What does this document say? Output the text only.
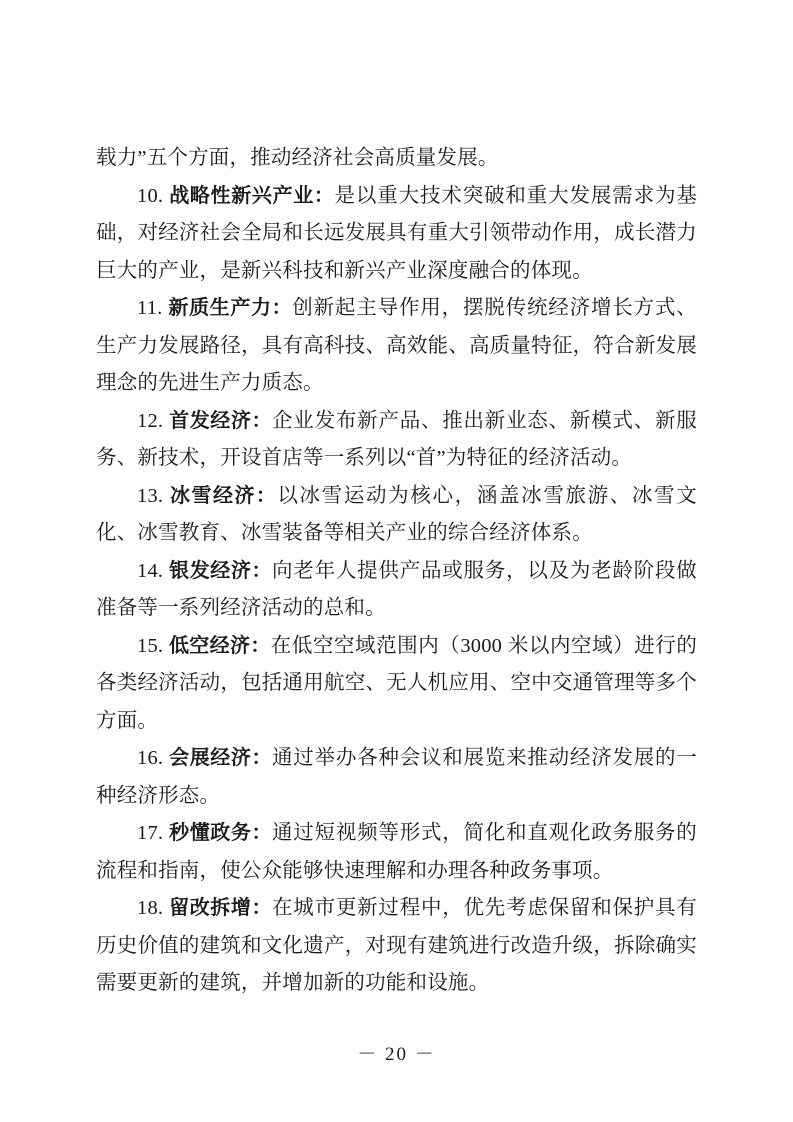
载力”五个方面，推动经济社会高质量发展。

10. 战略性新兴产业：是以重大技术突破和重大发展需求为基础，对经济社会全局和长远发展具有重大引领带动作用，成长潜力巨大的产业，是新兴科技和新兴产业深度融合的体现。

11. 新质生产力：创新起主导作用，摆脱传统经济增长方式、生产力发展路径，具有高科技、高效能、高质量特征，符合新发展理念的先进生产力质态。

12. 首发经济：企业发布新产品、推出新业态、新模式、新服务、新技术，开设首店等一系列以“首”为特征的经济活动。

13. 冰雪经济：以冰雪运动为核心，涵盖冰雪旅游、冰雪文化、冰雪教育、冰雪装备等相关产业的综合经济体系。

14. 银发经济：向老年人提供产品或服务，以及为老龄阶段做准备等一系列经济活动的总和。

15. 低空经济：在低空空域范围内（3000 米以内空域）进行的各类经济活动，包括通用航空、无人机应用、空中交通管理等多个方面。

16. 会展经济：通过举办各种会议和展览来推动经济发展的一种经济形态。

17. 秒懂政务：通过短视频等形式，简化和直观化政务服务的流程和指南，使公众能够快速理解和办理各种政务事项。

18. 留改拆增：在城市更新过程中，优先考虑保留和保护具有历史价值的建筑和文化遗产，对现有建筑进行改造升级，拆除确实需要更新的建筑，并增加新的功能和设施。

－ 20 －
